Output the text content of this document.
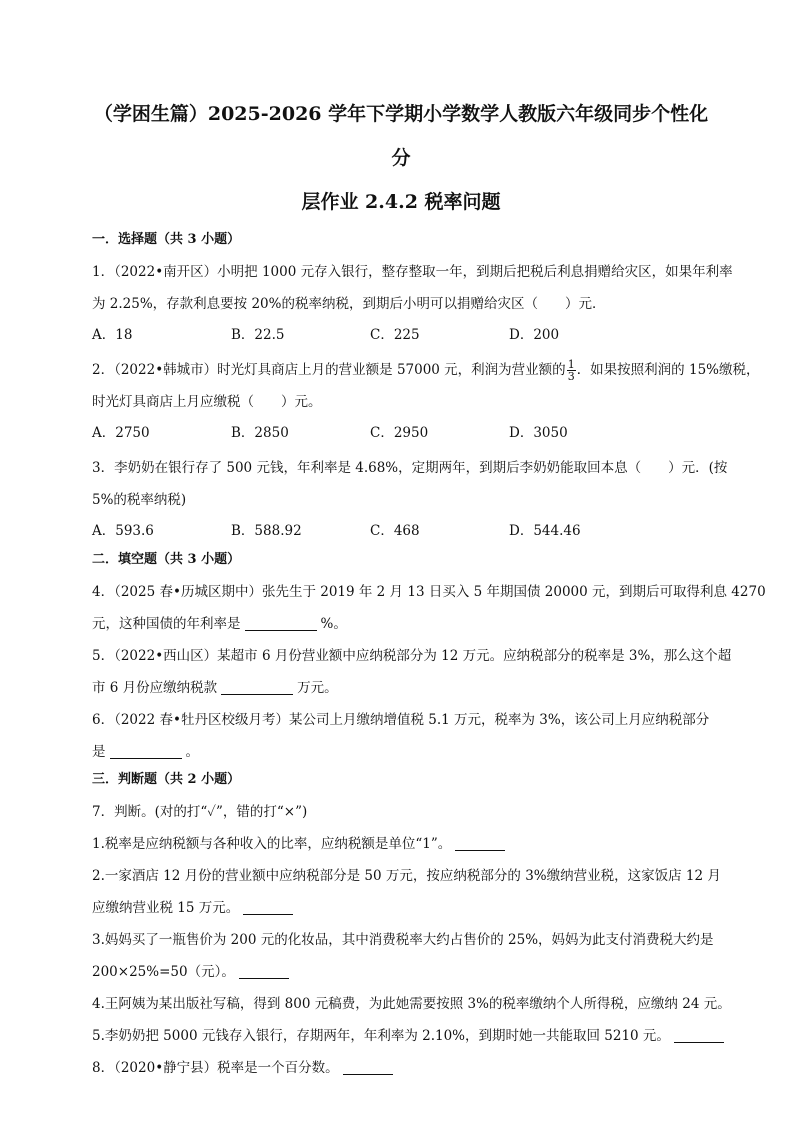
（学困生篇）2025-2026 学年下学期小学数学人教版六年级同步个性化分
层作业 2.4.2 税率问题
一．选择题（共 3 小题）
1．（2022•南开区）小明把 1000 元存入银行，整存整取一年，到期后把税后利息捐赠给灾区，如果年利率
为 2.25%，存款利息要按 20%的税率纳税，到期后小明可以捐赠给灾区（　　）元．
A．18	B．22.5	C．225	D．200
2．（2022•韩城市）时光灯具商店上月的营业额是 57000 元，利润为营业额的 $\frac{1}{3}$ ．如果按照利润的 15%缴税，
时光灯具商店上月应缴税（　　）元。
A．2750	B．2850	C．2950	D．3050
3．李奶奶在银行存了 500 元钱，年利率是 4.68%，定期两年，到期后李奶奶能取回本息（　　）元．(按
5%的税率纳税)
A．593.6	B．588.92	C．468	D．544.46
二．填空题（共 3 小题）
4．（2025 春•历城区期中）张先生于 2019 年 2 月 13 日买入 5 年期国债 20000 元，到期后可取得利息 4270
元，这种国债的年利率是	%。
5．（2022•西山区）某超市 6 月份营业额中应纳税部分为 12 万元。应纳税部分的税率是 3%，那么这个超
市 6 月份应缴纳税款	万元。
6．（2022 春•牡丹区校级月考）某公司上月缴纳增值税 5.1 万元，税率为 3%，该公司上月应纳税部分
是	。
三．判断题（共 2 小题）
7．判断。(对的打“✓”，错的打“×”)
1.税率是应纳税额与各种收入的比率，应纳税额是单位“1”。
2.一家酒店 12 月份的营业额中应纳税部分是 50 万元，按应纳税部分的 3%缴纳营业税，这家饭店 12 月
应缴纳营业税 15 万元。
3.妈妈买了一瓶售价为 200 元的化妆品，其中消费税率大约占售价的 25%，妈妈为此支付消费税大约是
200×25%=50（元）。
4.王阿姨为某出版社写稿，得到 800 元稿费，为此她需要按照 3%的税率缴纳个人所得税，应缴纳 24 元。
5.李奶奶把 5000 元钱存入银行，存期两年，年利率为 2.10%，到期时她一共能取回 5210 元。
8．（2020•静宁县）税率是一个百分数。
